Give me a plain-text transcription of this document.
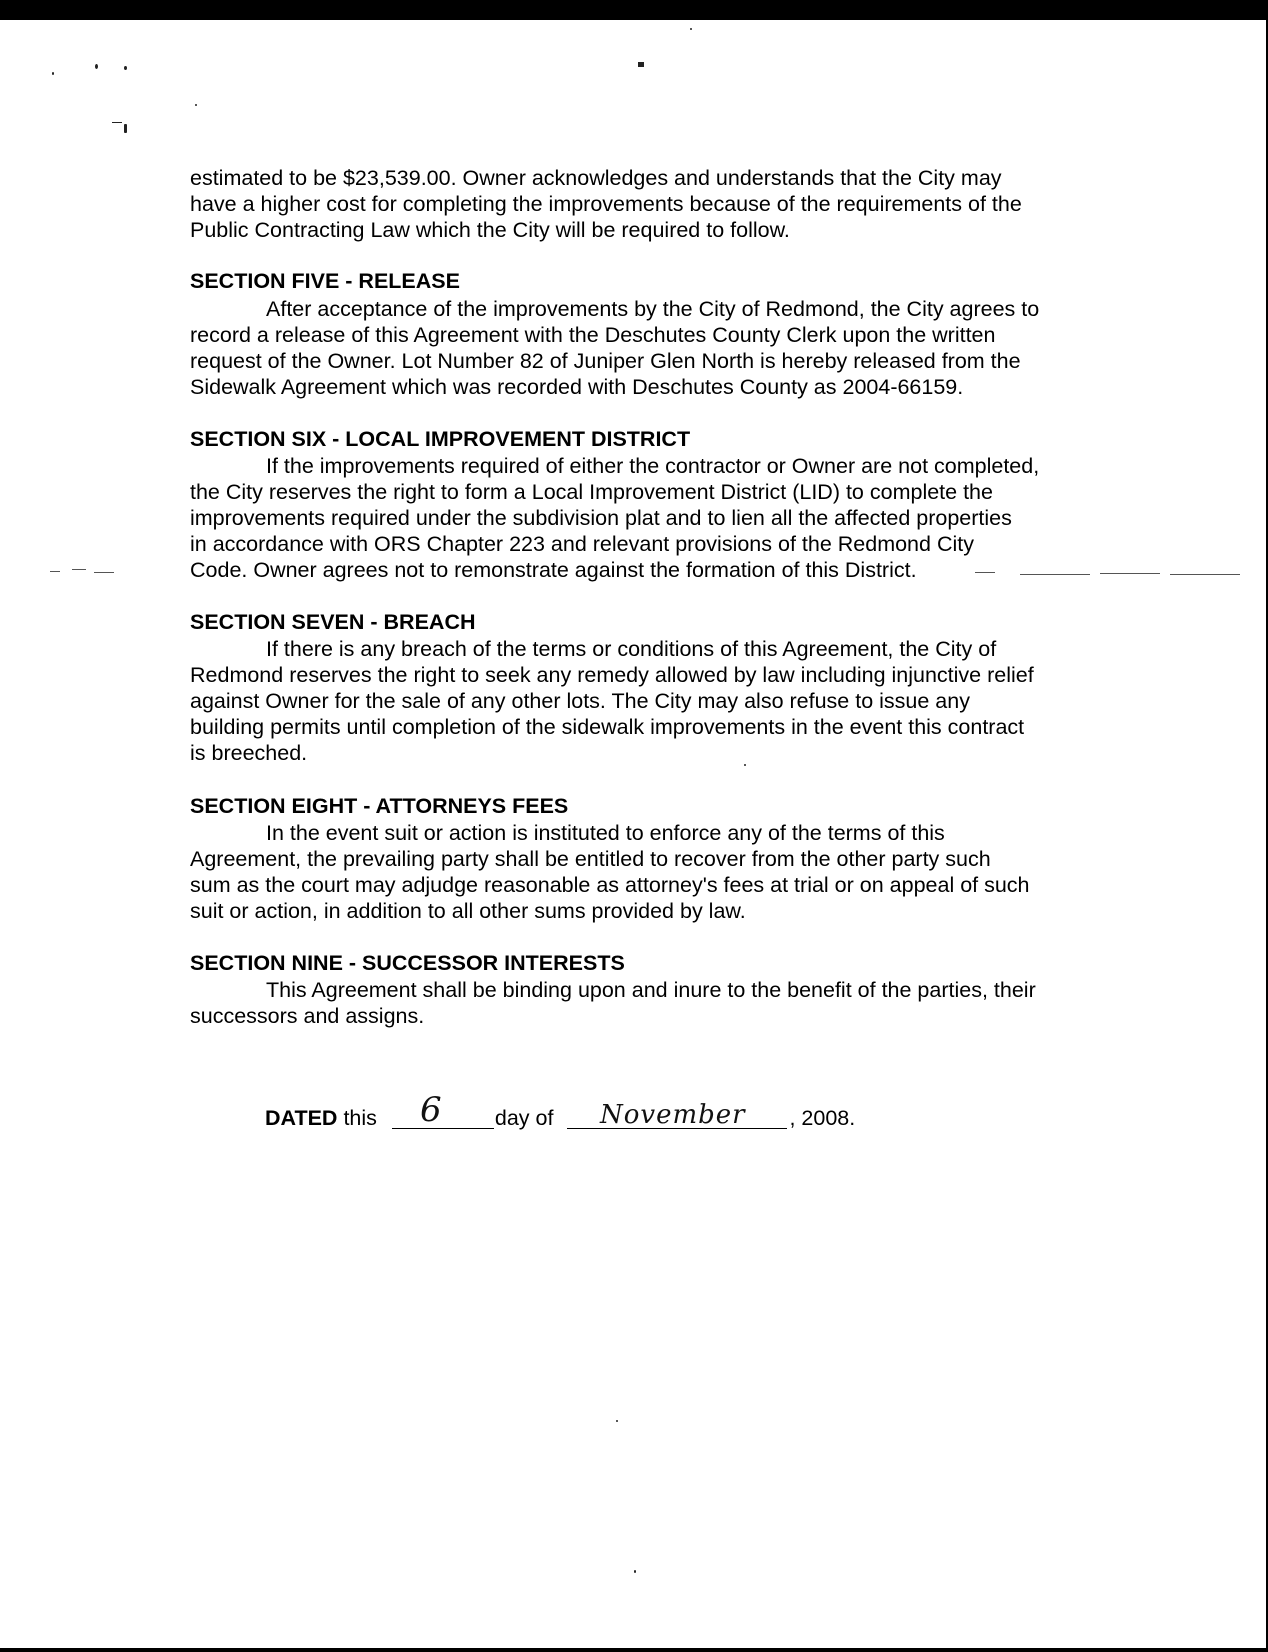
estimated to be $23,539.00. Owner acknowledges and understands that the City may
have a higher cost for completing the improvements because of the requirements of the
Public Contracting Law which the City will be required to follow.

SECTION FIVE - RELEASE

After acceptance of the improvements by the City of Redmond, the City agrees to
record a release of this Agreement with the Deschutes County Clerk upon the written
request of the Owner. Lot Number 82 of Juniper Glen North is hereby released from the
Sidewalk Agreement which was recorded with Deschutes County as 2004-66159.

SECTION SIX - LOCAL IMPROVEMENT DISTRICT

If the improvements required of either the contractor or Owner are not completed,
the City reserves the right to form a Local Improvement District (LID) to complete the
improvements required under the subdivision plat and to lien all the affected properties
in accordance with ORS Chapter 223 and relevant provisions of the Redmond City
Code. Owner agrees not to remonstrate against the formation of this District.

SECTION SEVEN - BREACH

If there is any breach of the terms or conditions of this Agreement, the City of
Redmond reserves the right to seek any remedy allowed by law including injunctive relief
against Owner for the sale of any other lots. The City may also refuse to issue any
building permits until completion of the sidewalk improvements in the event this contract
is breeched.

SECTION EIGHT - ATTORNEYS FEES

In the event suit or action is instituted to enforce any of the terms of this
Agreement, the prevailing party shall be entitled to recover from the other party such
sum as the court may adjudge reasonable as attorney's fees at trial or on appeal of such
suit or action, in addition to all other sums provided by law.

SECTION NINE - SUCCESSOR INTERESTS

This Agreement shall be binding upon and inure to the benefit of the parties, their
successors and assigns.

DATED this	day of	, 2008.
6	November
